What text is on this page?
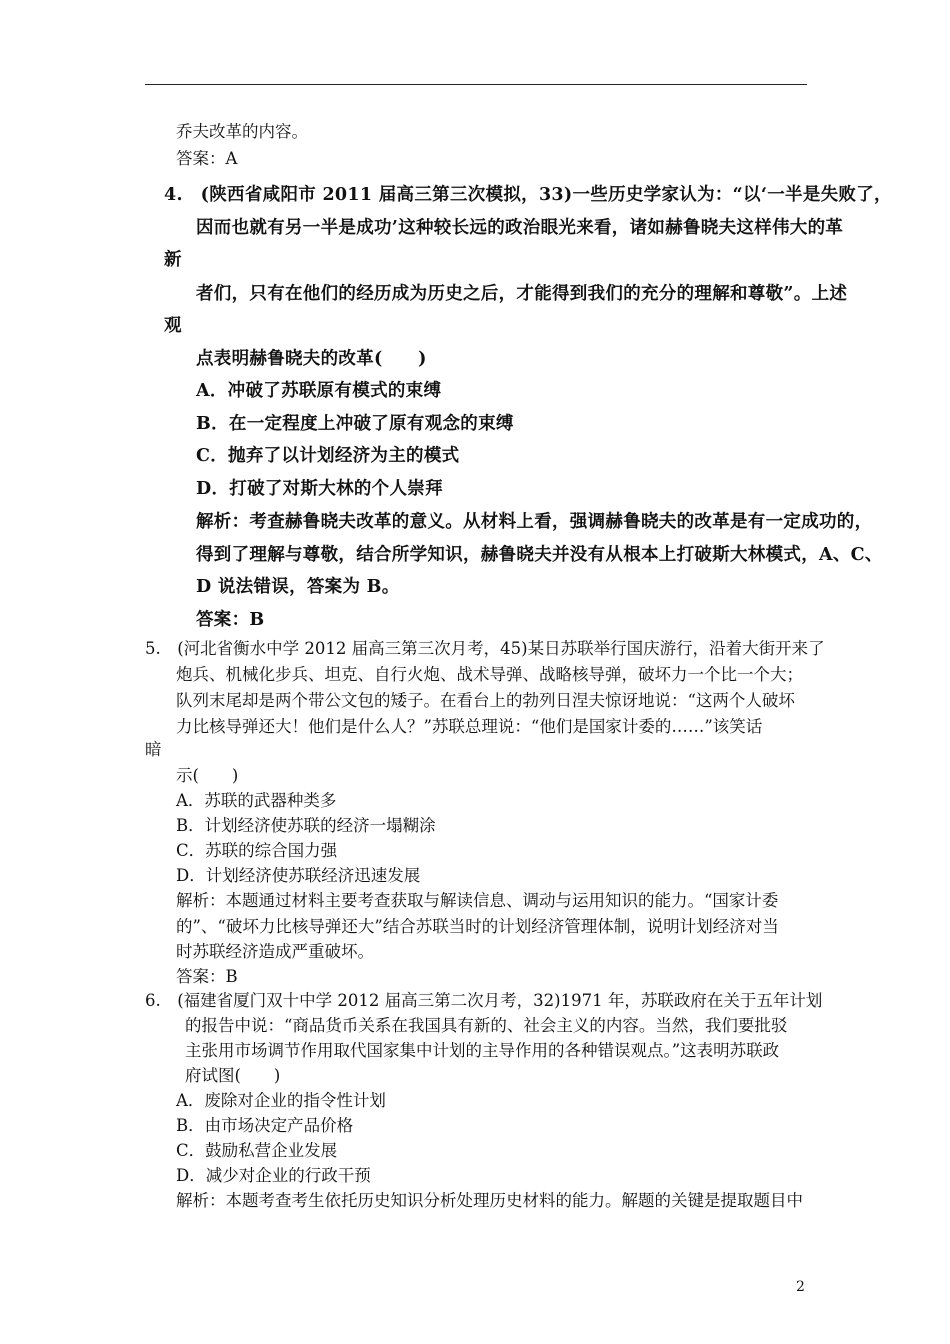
乔夫改革的内容。
答案：A
4.　(陕西省咸阳市 2011 届高三第三次模拟，33)一些历史学家认为：“以‘一半是失败了，
因而也就有另一半是成功’这种较长远的政治眼光来看，诸如赫鲁晓夫这样伟大的革
新
者们，只有在他们的经历成为历史之后，才能得到我们的充分的理解和尊敬”。上述
观
点表明赫鲁晓夫的改革(　　)
A．冲破了苏联原有模式的束缚
B．在一定程度上冲破了原有观念的束缚
C．抛弃了以计划经济为主的模式
D．打破了对斯大林的个人崇拜
解析：考查赫鲁晓夫改革的意义。从材料上看，强调赫鲁晓夫的改革是有一定成功的，
得到了理解与尊敬，结合所学知识，赫鲁晓夫并没有从根本上打破斯大林模式，A、C、
D 说法错误，答案为 B。
答案：B
5.　(河北省衡水中学 2012 届高三第三次月考，45)某日苏联举行国庆游行，沿着大街开来了
炮兵、机械化步兵、坦克、自行火炮、战术导弹、战略核导弹，破坏力一个比一个大；
队列末尾却是两个带公文包的矮子。在看台上的勃列日涅夫惊讶地说：“这两个人破坏
力比核导弹还大！他们是什么人？”苏联总理说：“他们是国家计委的……”该笑话
暗
示(　　)
A．苏联的武器种类多
B．计划经济使苏联的经济一塌糊涂
C．苏联的综合国力强
D．计划经济使苏联经济迅速发展
解析：本题通过材料主要考查获取与解读信息、调动与运用知识的能力。“国家计委
的”、“破坏力比核导弹还大”结合苏联当时的计划经济管理体制，说明计划经济对当
时苏联经济造成严重破坏。
答案：B
6.　(福建省厦门双十中学 2012 届高三第二次月考，32)1971 年，苏联政府在关于五年计划
的报告中说：“商品货币关系在我国具有新的、社会主义的内容。当然，我们要批驳
主张用市场调节作用取代国家集中计划的主导作用的各种错误观点。”这表明苏联政
府试图(　　)
A．废除对企业的指令性计划
B．由市场决定产品价格
C．鼓励私营企业发展
D．减少对企业的行政干预
解析：本题考查考生依托历史知识分析处理历史材料的能力。解题的关键是提取题目中
2
